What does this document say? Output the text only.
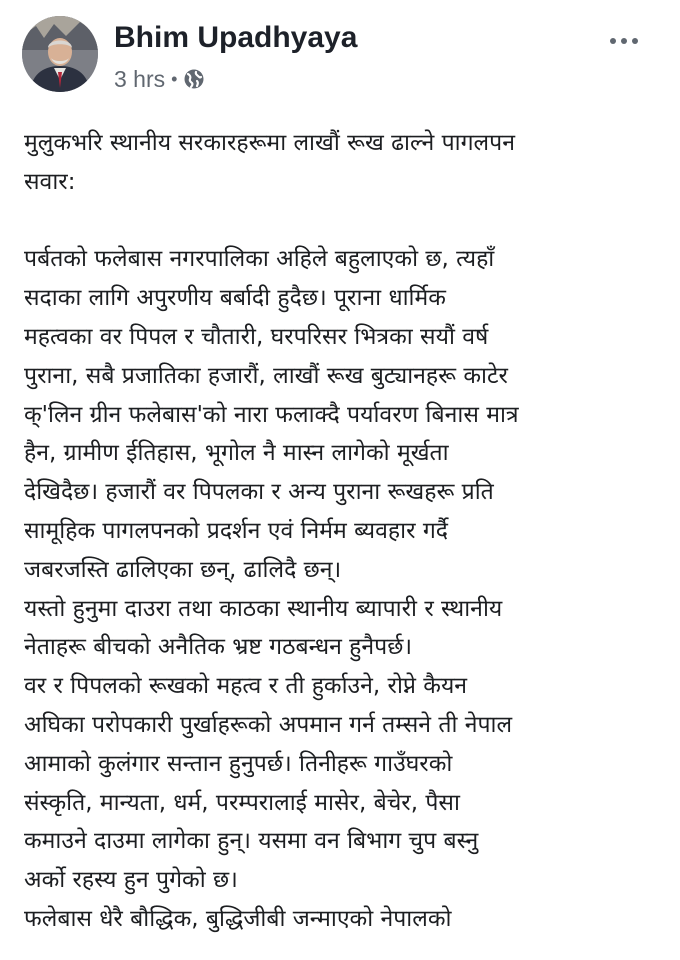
Bhim Upadhyaya
3 hrs •
मुलुकभरि स्थानीय सरकारहरूमा लाखौं रूख ढाल्ने पागलपन
सवार:
पर्बतको फलेबास नगरपालिका अहिले बहुलाएको छ, त्यहाँ
सदाका लागि अपुरणीय बर्बादी हुदैछ। पूराना धार्मिक
महत्वका वर पिपल र चौतारी, घरपरिसर भित्रका सयौं वर्ष
पुराना, सबै प्रजातिका हजारौं, लाखौं रूख बुट्यानहरू काटेर
क्'लिन ग्रीन फलेबास'को नारा फलाक्दै पर्यावरण बिनास मात्र
हैन, ग्रामीण ईतिहास, भूगोल नै मास्न लागेको मूर्खता
देखिदैछ। हजारौं वर पिपलका र अन्य पुराना रूखहरू प्रति
सामूहिक पागलपनको प्रदर्शन एवं निर्मम ब्यवहार गर्दै
जबरजस्ति ढालिएका छन्, ढालिदै छन्।
यस्तो हुनुमा दाउरा तथा काठका स्थानीय ब्यापारी र स्थानीय
नेताहरू बीचको अनैतिक भ्रष्ट गठबन्धन हुनैपर्छ।
वर र पिपलको रूखको महत्व र ती हुर्काउने, रोप्ने कैयन
अघिका परोपकारी पुर्खाहरूको अपमान गर्न तम्सने ती नेपाल
आमाको कुलंगार सन्तान हुनुपर्छ। तिनीहरू गाउँघरको
संस्कृति, मान्यता, धर्म, परम्परालाई मासेर, बेचेर, पैसा
कमाउने दाउमा लागेका हुन्। यसमा वन बिभाग चुप बस्नु
अर्को रहस्य हुन पुगेको छ।
फलेबास धेरै बौद्धिक, बुद्धिजीबी जन्माएको नेपालको
